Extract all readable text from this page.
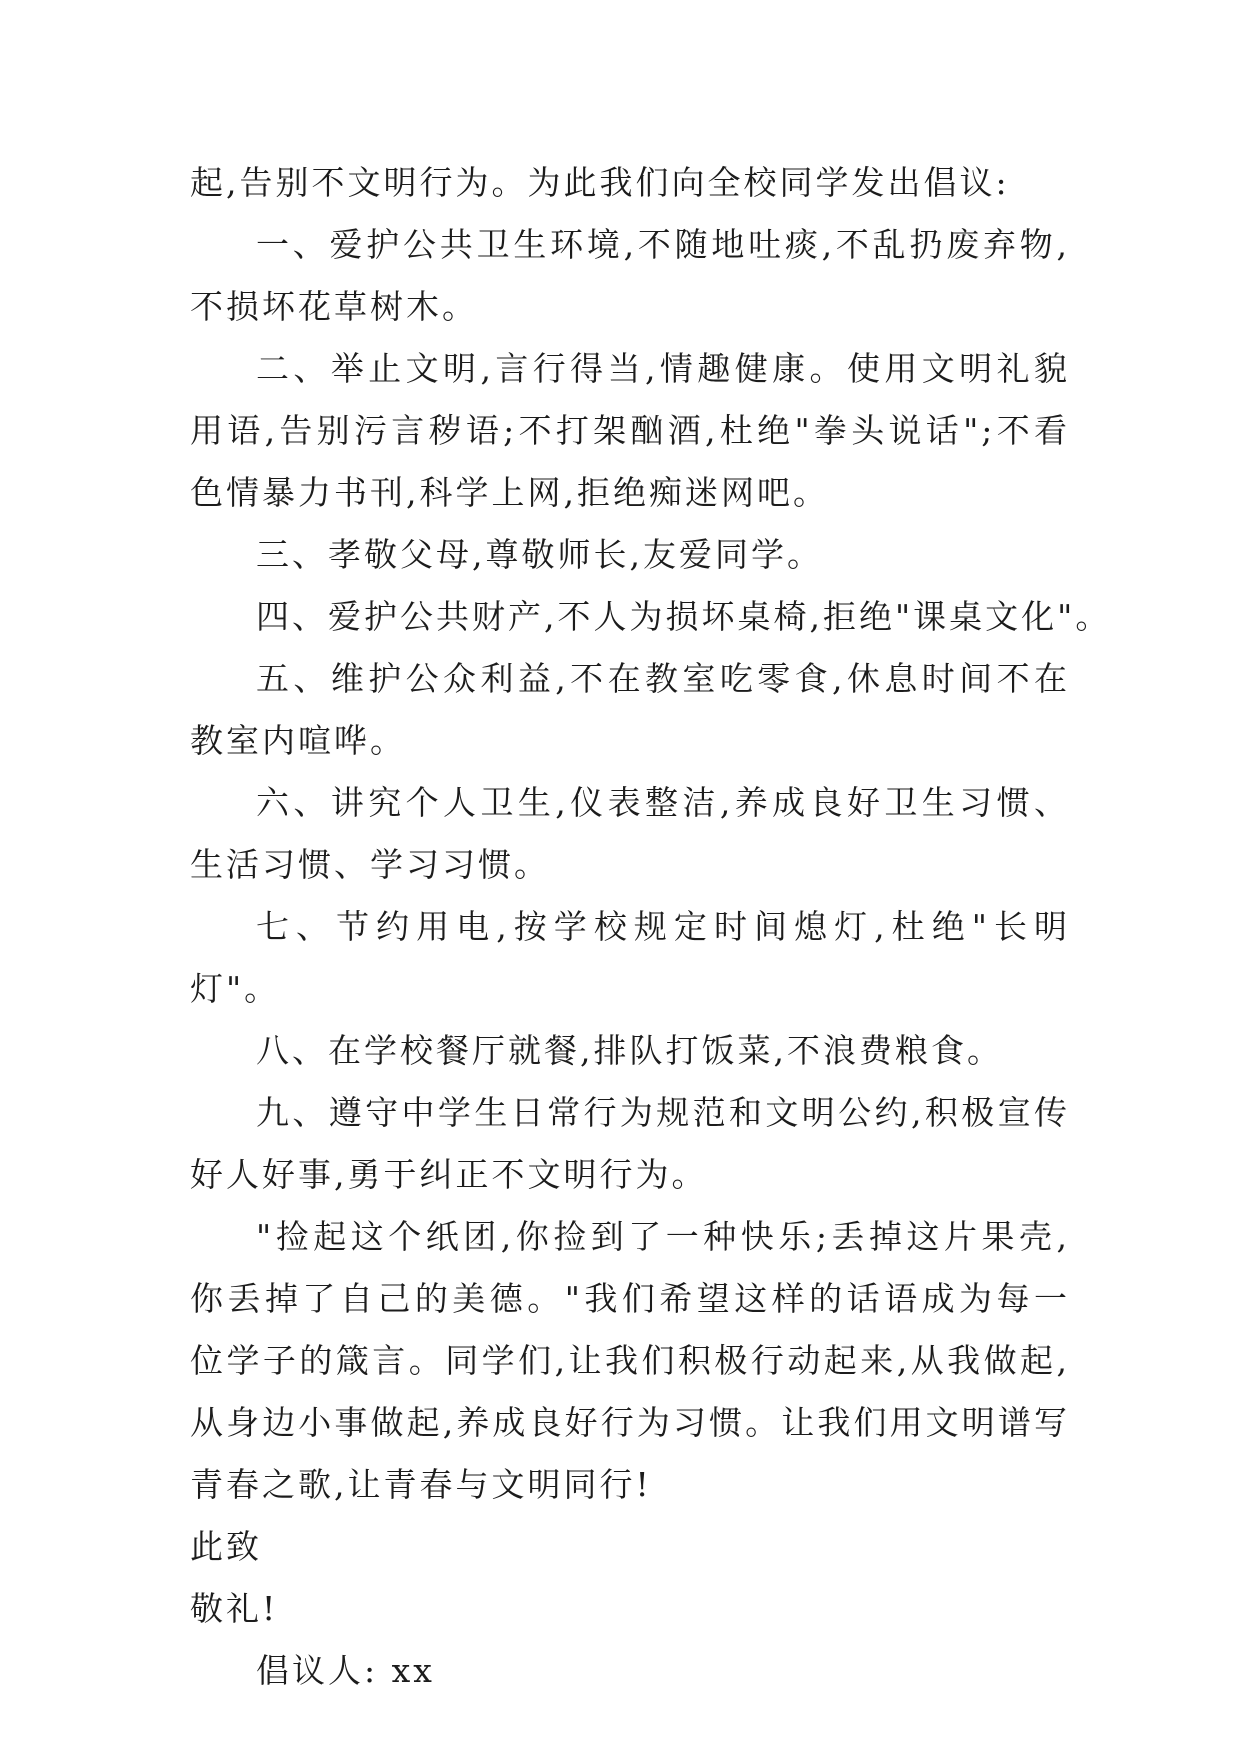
起,告别不文明行为。为此我们向全校同学发出倡议:

一、爱护公共卫生环境,不随地吐痰,不乱扔废弃物,不损坏花草树木。

二、举止文明,言行得当,情趣健康。使用文明礼貌用语,告别污言秽语;不打架酗酒,杜绝"拳头说话";不看色情暴力书刊,科学上网,拒绝痴迷网吧。

三、孝敬父母,尊敬师长,友爱同学。

四、爱护公共财产,不人为损坏桌椅,拒绝"课桌文化"。

五、维护公众利益,不在教室吃零食,休息时间不在教室内喧哗。

六、讲究个人卫生,仪表整洁,养成良好卫生习惯、生活习惯、学习习惯。

七、节约用电,按学校规定时间熄灯,杜绝"长明灯"。

八、在学校餐厅就餐,排队打饭菜,不浪费粮食。

九、遵守中学生日常行为规范和文明公约,积极宣传好人好事,勇于纠正不文明行为。

"捡起这个纸团,你捡到了一种快乐;丢掉这片果壳,你丢掉了自己的美德。"我们希望这样的话语成为每一位学子的箴言。同学们,让我们积极行动起来,从我做起,从身边小事做起,养成良好行为习惯。让我们用文明谱写青春之歌,让青春与文明同行!

此致

敬礼!

倡议人: xx
